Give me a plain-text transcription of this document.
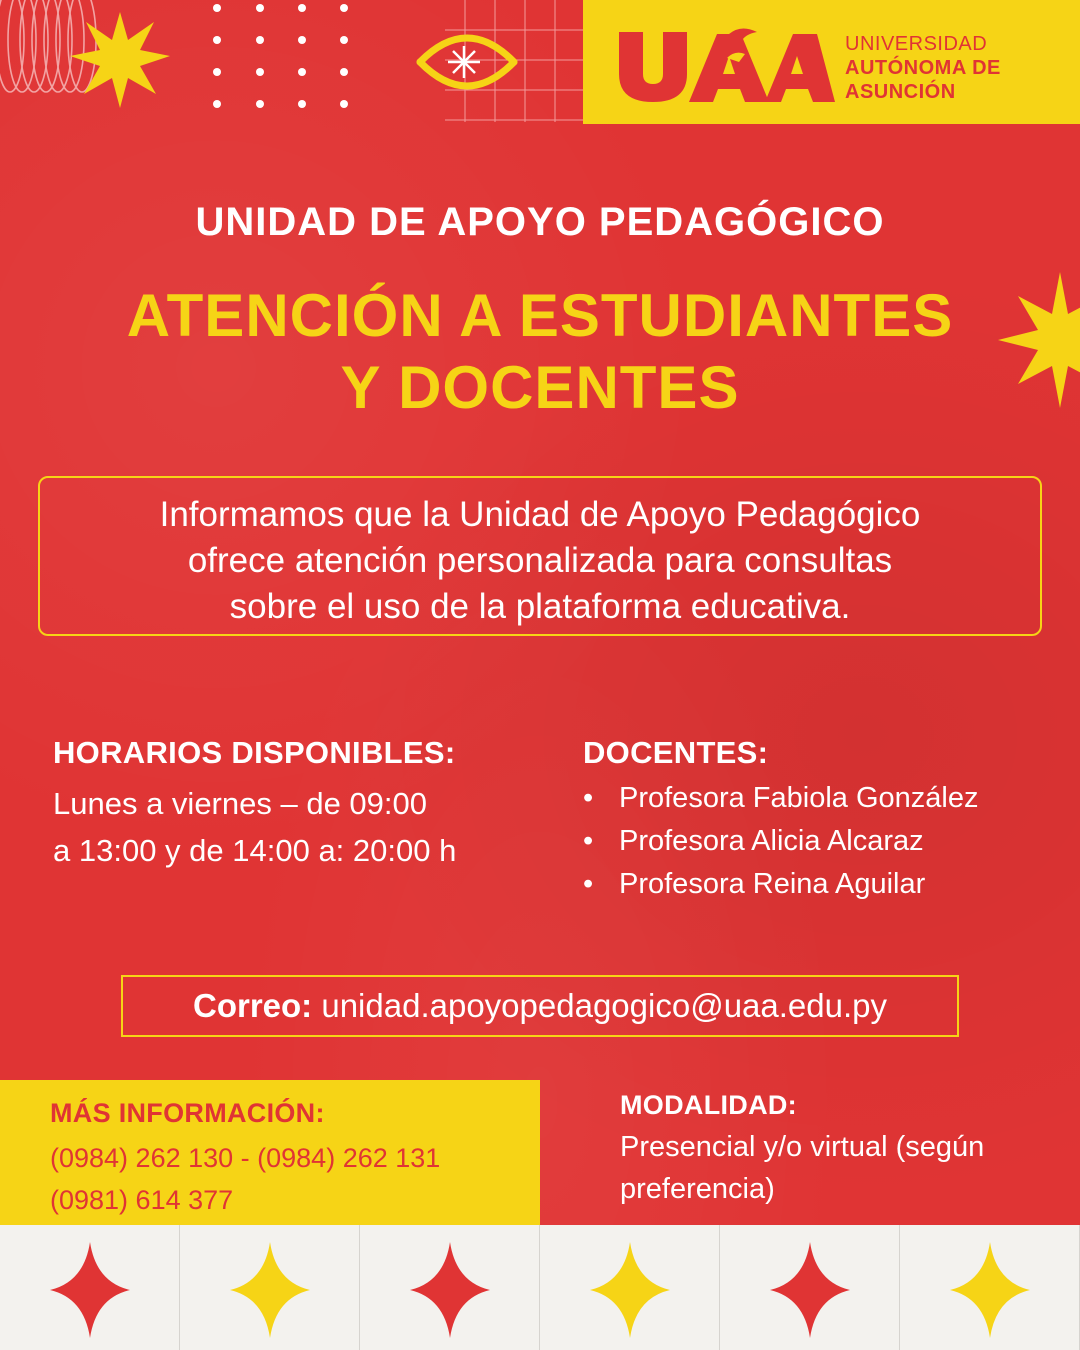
UNIVERSIDAD
AUTÓNOMA DE
ASUNCIÓN
UNIDAD DE APOYO PEDAGÓGICO
ATENCIÓN A ESTUDIANTES
Y DOCENTES
Informamos que la Unidad de Apoyo Pedagógico
ofrece atención personalizada para consultas
sobre el uso de la plataforma educativa.
HORARIOS DISPONIBLES:
Lunes a viernes – de 09:00
a 13:00 y de 14:00 a: 20:00 h
DOCENTES:
• Profesora Fabiola González
• Profesora Alicia Alcaraz
• Profesora Reina Aguilar
Correo: unidad.apoyopedagogico@uaa.edu.py
MÁS INFORMACIÓN:
(0984) 262 130 - (0984) 262 131
(0981) 614 377
MODALIDAD:
Presencial y/o virtual (según preferencia)
